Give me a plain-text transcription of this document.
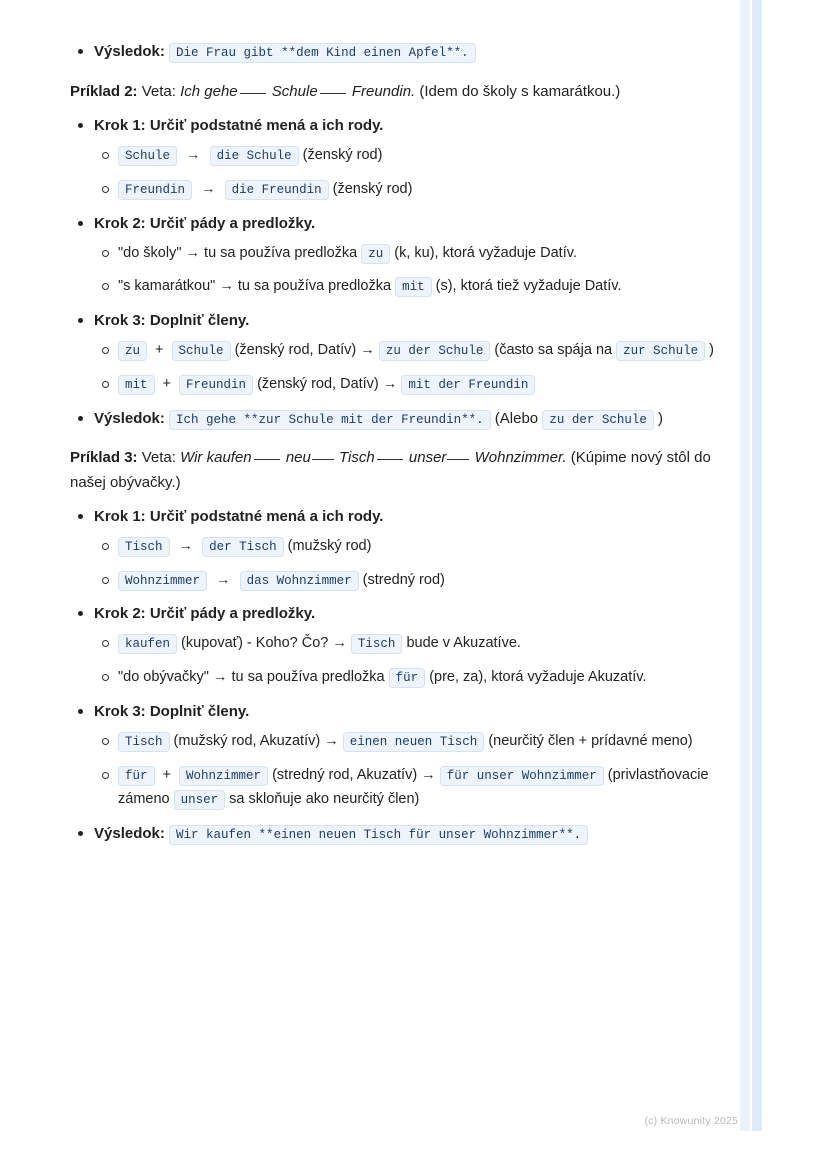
Výsledok: Die Frau gibt **dem Kind einen Apfel**.

Príklad 2: Veta: Ich gehe Schule Freundin. (Idem do školy s kamarátkou.)

Krok 1: Určiť podstatné mená a ich rody.
Schule → die Schule (ženský rod)
Freundin → die Freundin (ženský rod)
Krok 2: Určiť pády a predložky.
"do školy" → tu sa používa predložka zu (k, ku), ktorá vyžaduje Datív.
"s kamarátkou" → tu sa používa predložka mit (s), ktorá tiež vyžaduje Datív.
Krok 3: Doplniť členy.
zu + Schule (ženský rod, Datív) → zu der Schule (často sa spája na zur Schule )
mit + Freundin (ženský rod, Datív) → mit der Freundin
Výsledok: Ich gehe **zur Schule mit der Freundin**. (Alebo zu der Schule )

Príklad 3: Veta: Wir kaufen neu Tisch unser Wohnzimmer. (Kúpime nový stôl do našej obývačky.)

Krok 1: Určiť podstatné mená a ich rody.
Tisch → der Tisch (mužský rod)
Wohnzimmer → das Wohnzimmer (stredný rod)
Krok 2: Určiť pády a predložky.
kaufen (kupovať) - Koho? Čo? → Tisch bude v Akuzatíve.
"do obývačky" → tu sa používa predložka für (pre, za), ktorá vyžaduje Akuzatív.
Krok 3: Doplniť členy.
Tisch (mužský rod, Akuzatív) → einen neuen Tisch (neurčitý člen + prídavné meno)
für + Wohnzimmer (stredný rod, Akuzatív) → für unser Wohnzimmer (privlastňovacie zámeno unser sa skloňuje ako neurčitý člen)
Výsledok: Wir kaufen **einen neuen Tisch für unser Wohnzimmer**.
(c) Knowunity 2025
